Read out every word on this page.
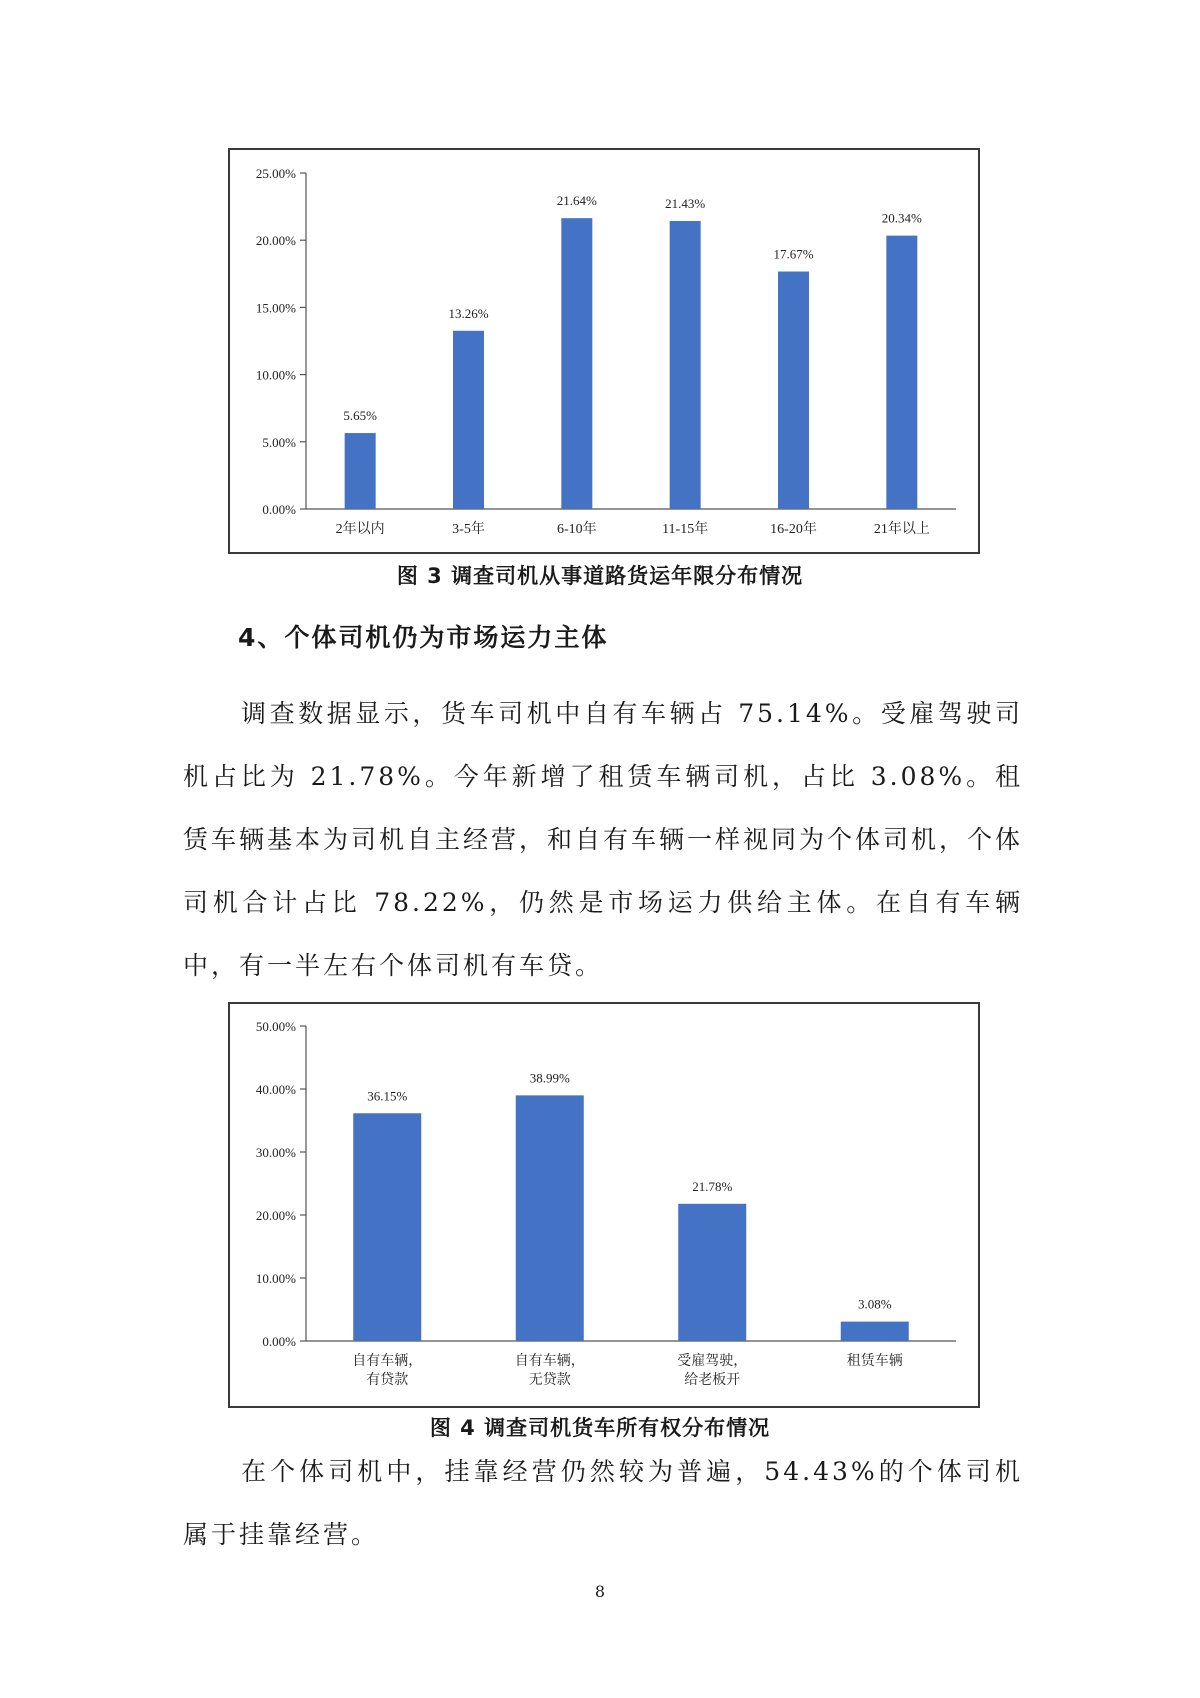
0.00%
5.00%
10.00%
15.00%
20.00%
25.00%
5.65%
2年以内
13.26%
3-5年
21.64%
6-10年
21.43%
11-15年
17.67%
16-20年
20.34%
21年以上
图 3 调查司机从事道路货运年限分布情况
4、个体司机仍为市场运力主体

调查数据显示，货车司机中自有车辆占 75.14%。受雇驾驶司机占比为 21.78%。今年新增了租赁车辆司机，占比 3.08%。租赁车辆基本为司机自主经营，和自有车辆一样视同为个体司机，个体司机合计占比 78.22%，仍然是市场运力供给主体。在自有车辆中，有一半左右个体司机有车贷。

0.00%
10.00%
20.00%
30.00%
40.00%
50.00%
36.15%
自有车辆，
有贷款
38.99%
自有车辆，
无贷款
21.78%
受雇驾驶，
给老板开
3.08%
租赁车辆
图 4 调查司机货车所有权分布情况

在个体司机中，挂靠经营仍然较为普遍，54.43%的个体司机属于挂靠经营。

8
